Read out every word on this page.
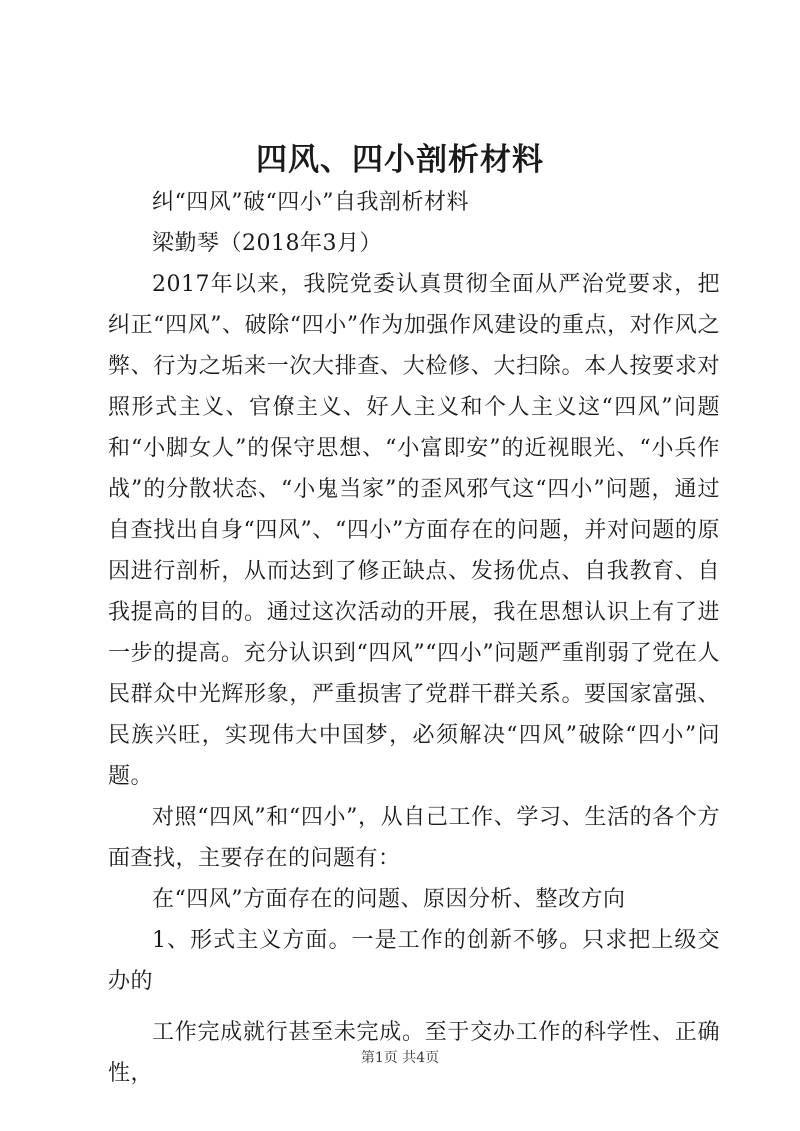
四风、四小剖析材料

纠“四风”破“四小”自我剖析材料

梁勤琴（2018年3月）

2017年以来，我院党委认真贯彻全面从严治党要求，把纠正“四风”、破除“四小”作为加强作风建设的重点，对作风之弊、行为之垢来一次大排查、大检修、大扫除。本人按要求对照形式主义、官僚主义、好人主义和个人主义这“四风”问题和“小脚女人”的保守思想、“小富即安”的近视眼光、“小兵作战”的分散状态、“小鬼当家”的歪风邪气这“四小”问题，通过自查找出自身“四风”、“四小”方面存在的问题，并对问题的原因进行剖析，从而达到了修正缺点、发扬优点、自我教育、自我提高的目的。通过这次活动的开展，我在思想认识上有了进一步的提高。充分认识到“四风”“四小”问题严重削弱了党在人民群众中光辉形象，严重损害了党群干群关系。要国家富强、民族兴旺，实现伟大中国梦，必须解决“四风”破除“四小”问题。

对照“四风”和“四小”，从自己工作、学习、生活的各个方面查找，主要存在的问题有：

在“四风”方面存在的问题、原因分析、整改方向

1、形式主义方面。一是工作的创新不够。只求把上级交办的

工作完成就行甚至未完成。至于交办工作的科学性、正确性，

第1页 共4页
